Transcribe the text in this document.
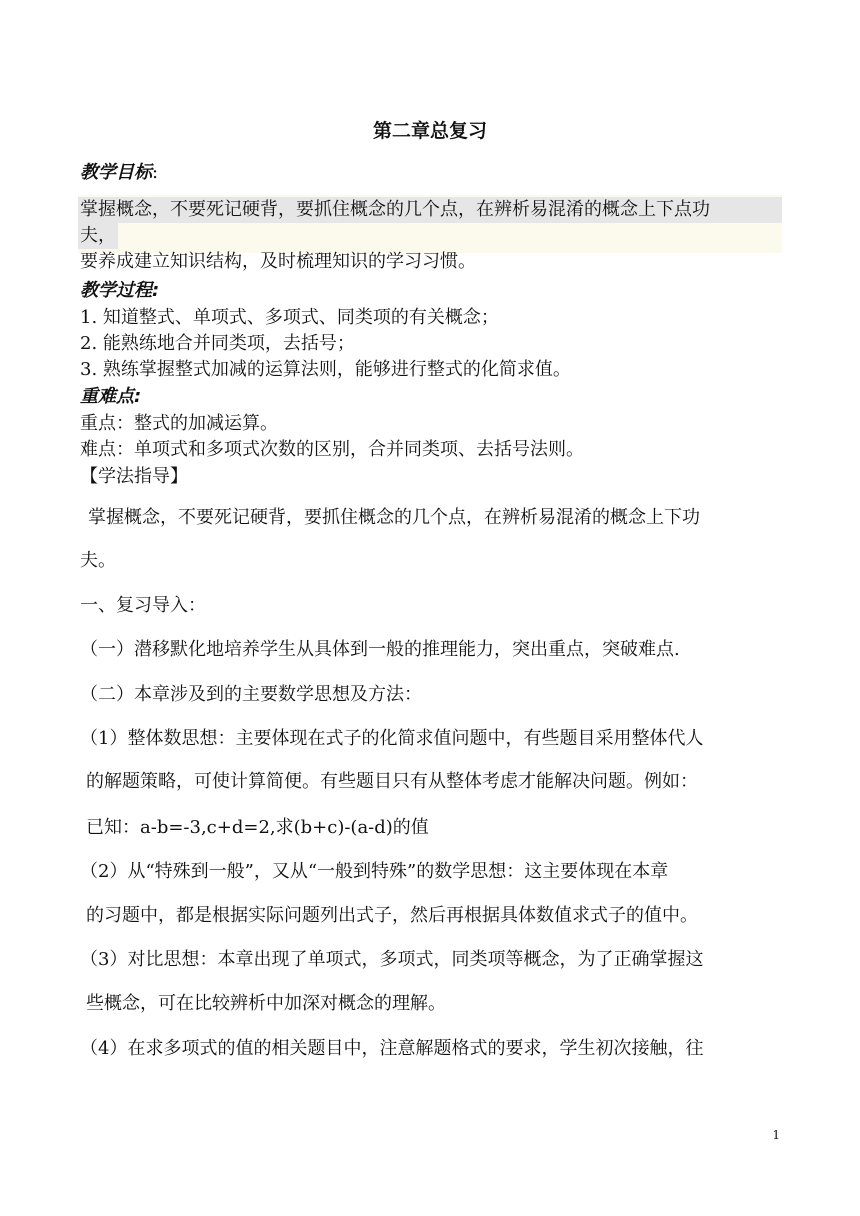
第二章总复习
教学目标:
掌握概念，不要死记硬背，要抓住概念的几个点，在辨析易混淆的概念上下点功
夫，
要养成建立知识结构，及时梳理知识的学习习惯。
教学过程:
1. 知道整式、单项式、多项式、同类项的有关概念；
2. 能熟练地合并同类项，去括号；
3. 熟练掌握整式加减的运算法则，能够进行整式的化简求值。
重难点:
重点：整式的加减运算。
难点：单项式和多项式次数的区别，合并同类项、去括号法则。
【学法指导】
掌握概念，不要死记硬背，要抓住概念的几个点，在辨析易混淆的概念上下功
夫。
一、复习导入：
（一）潜移默化地培养学生从具体到一般的推理能力，突出重点，突破难点.
（二）本章涉及到的主要数学思想及方法：
（1）整体数思想：主要体现在式子的化简求值问题中，有些题目采用整体代人
的解题策略，可使计算简便。有些题目只有从整体考虑才能解决问题。例如：
已知：a-b=-3,c+d=2,求(b+c)-(a-d)的值
（2）从“特殊到一般”，又从“一般到特殊”的数学思想：这主要体现在本章
的习题中，都是根据实际问题列出式子，然后再根据具体数值求式子的值中。
（3）对比思想：本章出现了单项式，多项式，同类项等概念，为了正确掌握这
些概念，可在比较辨析中加深对概念的理解。
（4）在求多项式的值的相关题目中，注意解题格式的要求，学生初次接触，往
1
